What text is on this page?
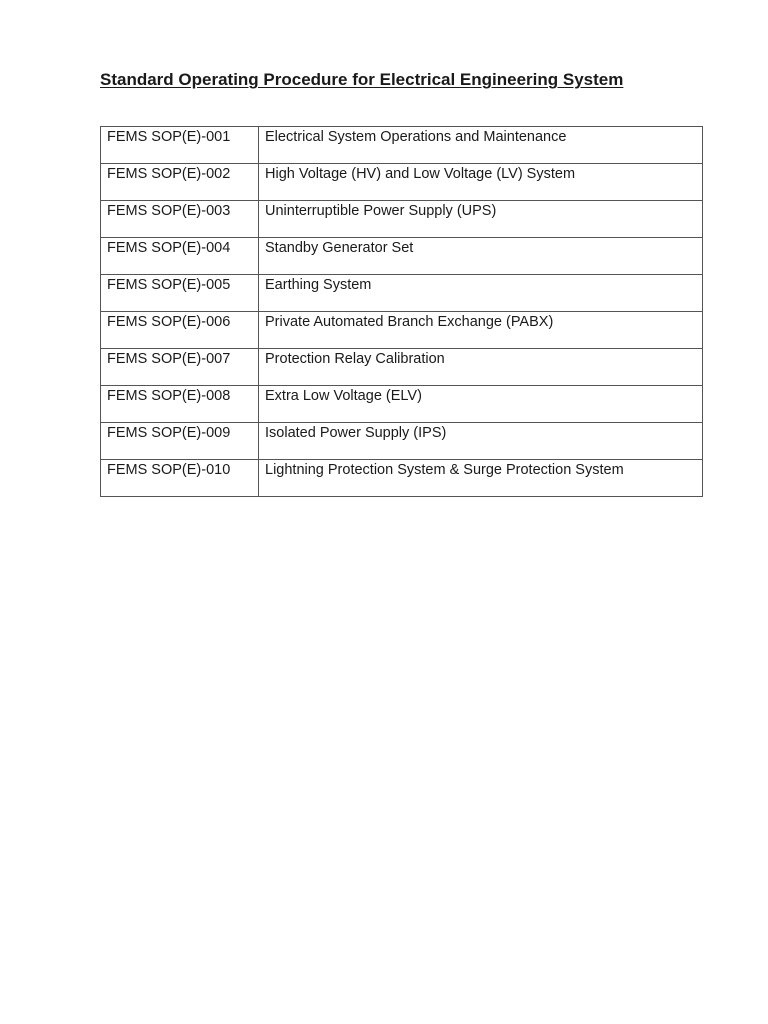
Standard Operating Procedure for Electrical Engineering System
FEMS SOP(E)-001	Electrical System Operations and Maintenance

FEMS SOP(E)-002	High Voltage (HV) and Low Voltage (LV) System

FEMS SOP(E)-003	Uninterruptible Power Supply (UPS)

FEMS SOP(E)-004	Standby Generator Set

FEMS SOP(E)-005	Earthing System

FEMS SOP(E)-006	Private Automated Branch Exchange (PABX)

FEMS SOP(E)-007	Protection Relay Calibration

FEMS SOP(E)-008	Extra Low Voltage (ELV)

FEMS SOP(E)-009	Isolated Power Supply (IPS)

FEMS SOP(E)-010	Lightning Protection System & Surge Protection System
